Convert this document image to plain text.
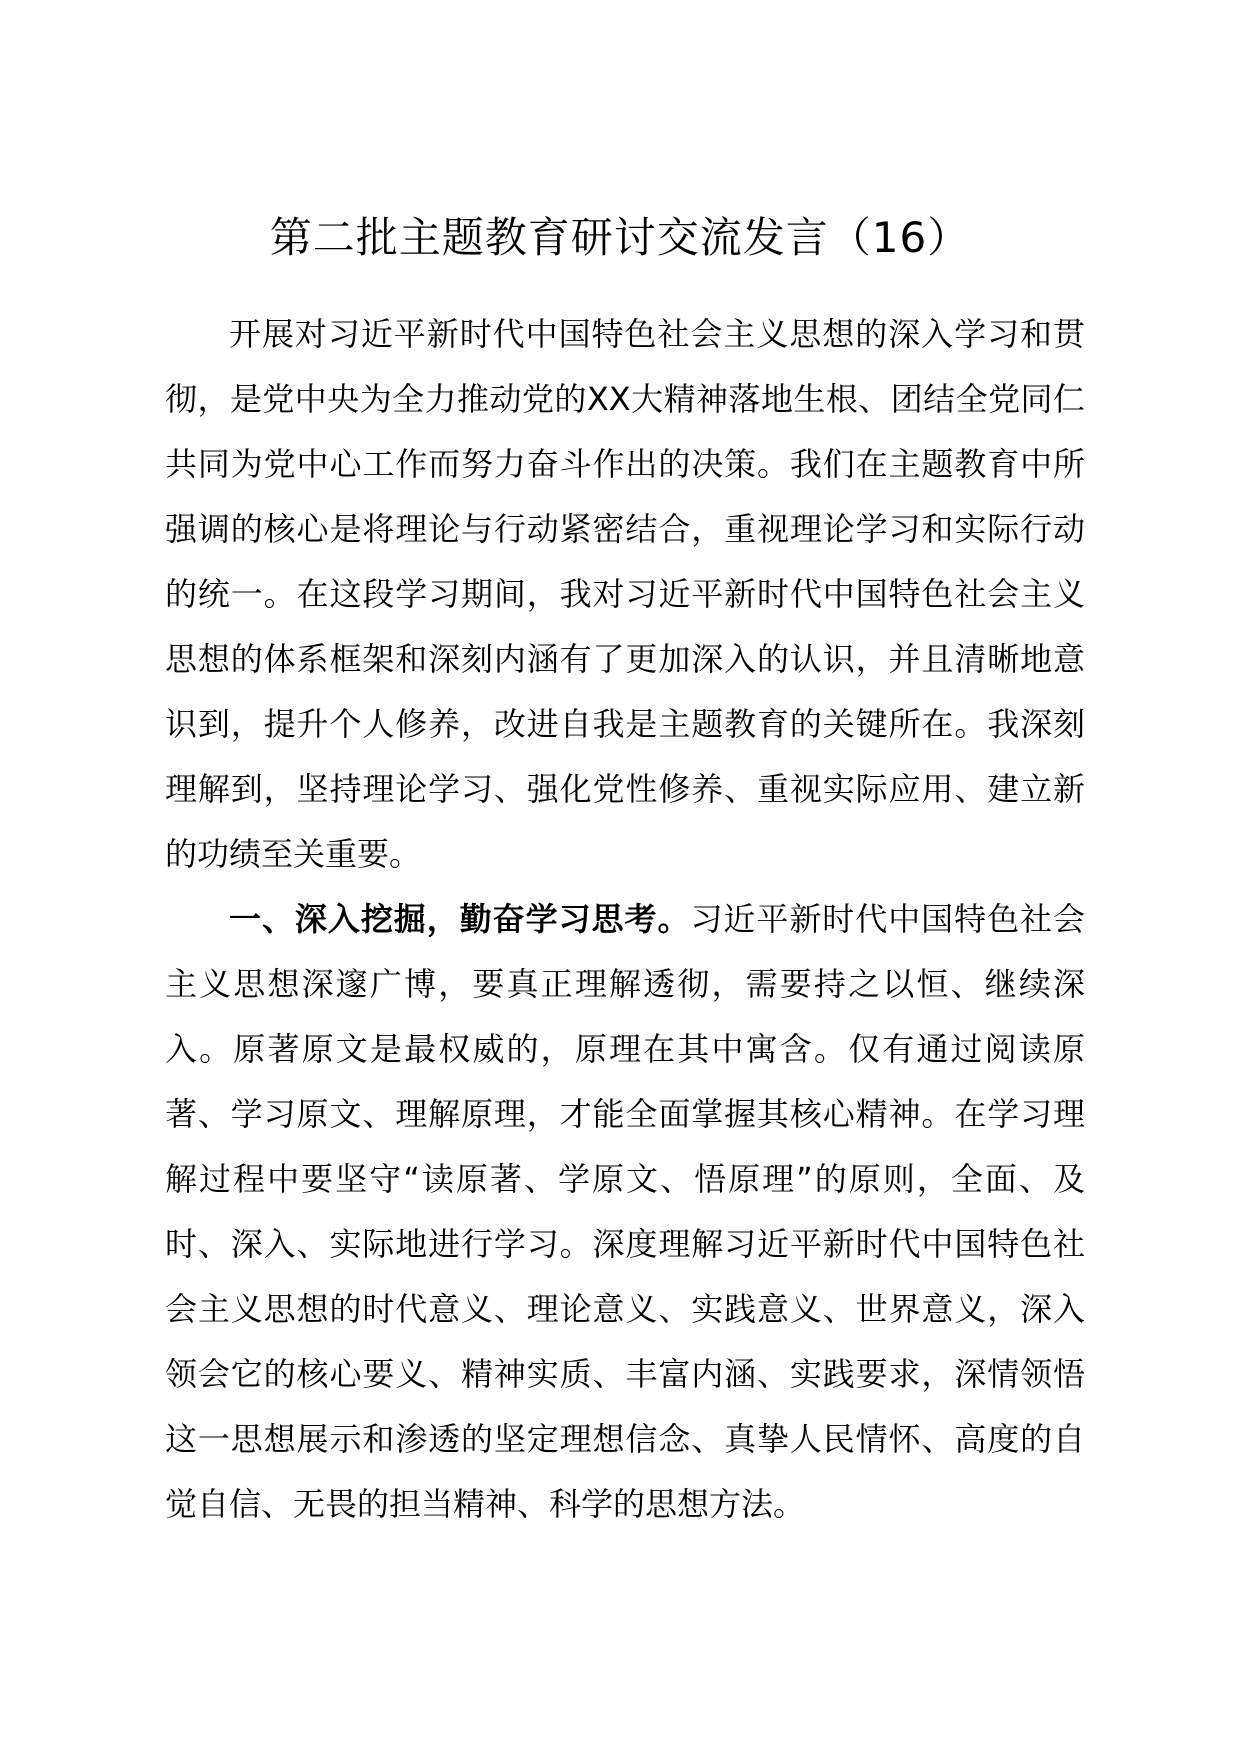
第二批主题教育研讨交流发言（16）

开展对习近平新时代中国特色社会主义思想的深入学习和贯彻，是党中央为全力推动党的XX大精神落地生根、团结全党同仁共同为党中心工作而努力奋斗作出的决策。我们在主题教育中所强调的核心是将理论与行动紧密结合，重视理论学习和实际行动的统一。在这段学习期间，我对习近平新时代中国特色社会主义思想的体系框架和深刻内涵有了更加深入的认识，并且清晰地意识到，提升个人修养，改进自我是主题教育的关键所在。我深刻理解到，坚持理论学习、强化党性修养、重视实际应用、建立新的功绩至关重要。

一、深入挖掘，勤奋学习思考。习近平新时代中国特色社会主义思想深邃广博，要真正理解透彻，需要持之以恒、继续深入。原著原文是最权威的，原理在其中寓含。仅有通过阅读原著、学习原文、理解原理，才能全面掌握其核心精神。在学习理解过程中要坚守“读原著、学原文、悟原理”的原则，全面、及时、深入、实际地进行学习。深度理解习近平新时代中国特色社会主义思想的时代意义、理论意义、实践意义、世界意义，深入领会它的核心要义、精神实质、丰富内涵、实践要求，深情领悟这一思想展示和渗透的坚定理想信念、真挚人民情怀、高度的自觉自信、无畏的担当精神、科学的思想方法。
